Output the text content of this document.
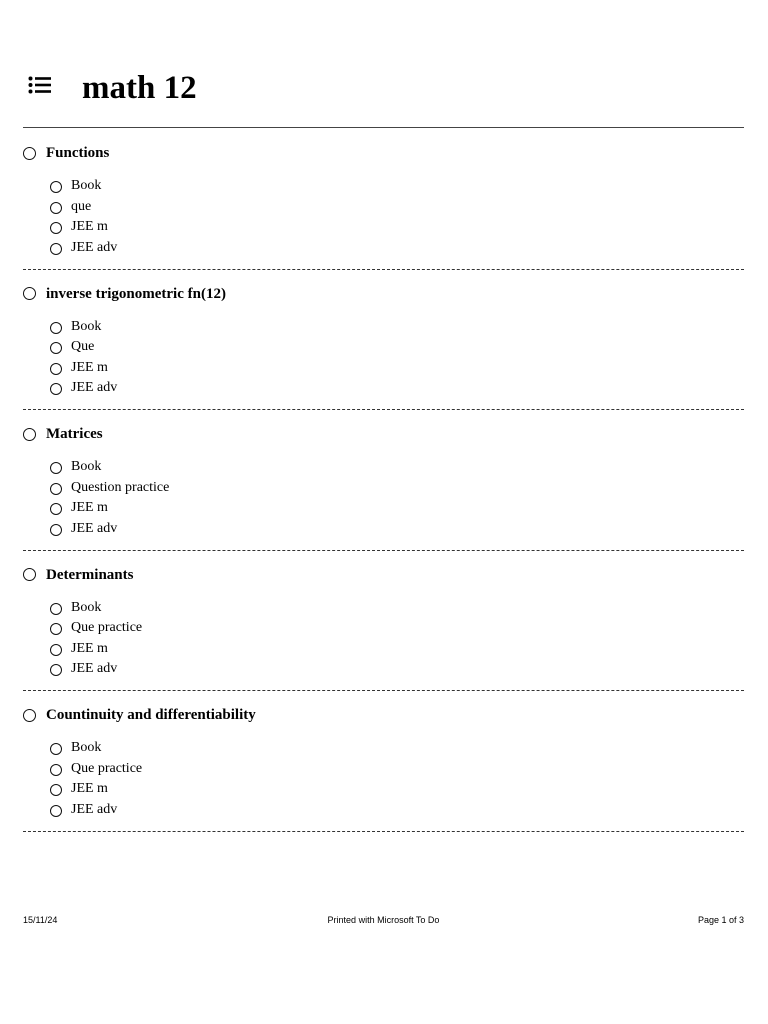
math 12
Functions
Book
que
JEE m
JEE adv
inverse trigonometric fn(12)
Book
Que
JEE m
JEE adv
Matrices
Book
Question practice
JEE m
JEE adv
Determinants
Book
Que practice
JEE m
JEE adv
Countinuity and differentiability
Book
Que practice
JEE m
JEE adv
15/11/24	Printed with Microsoft To Do	Page 1 of 3
